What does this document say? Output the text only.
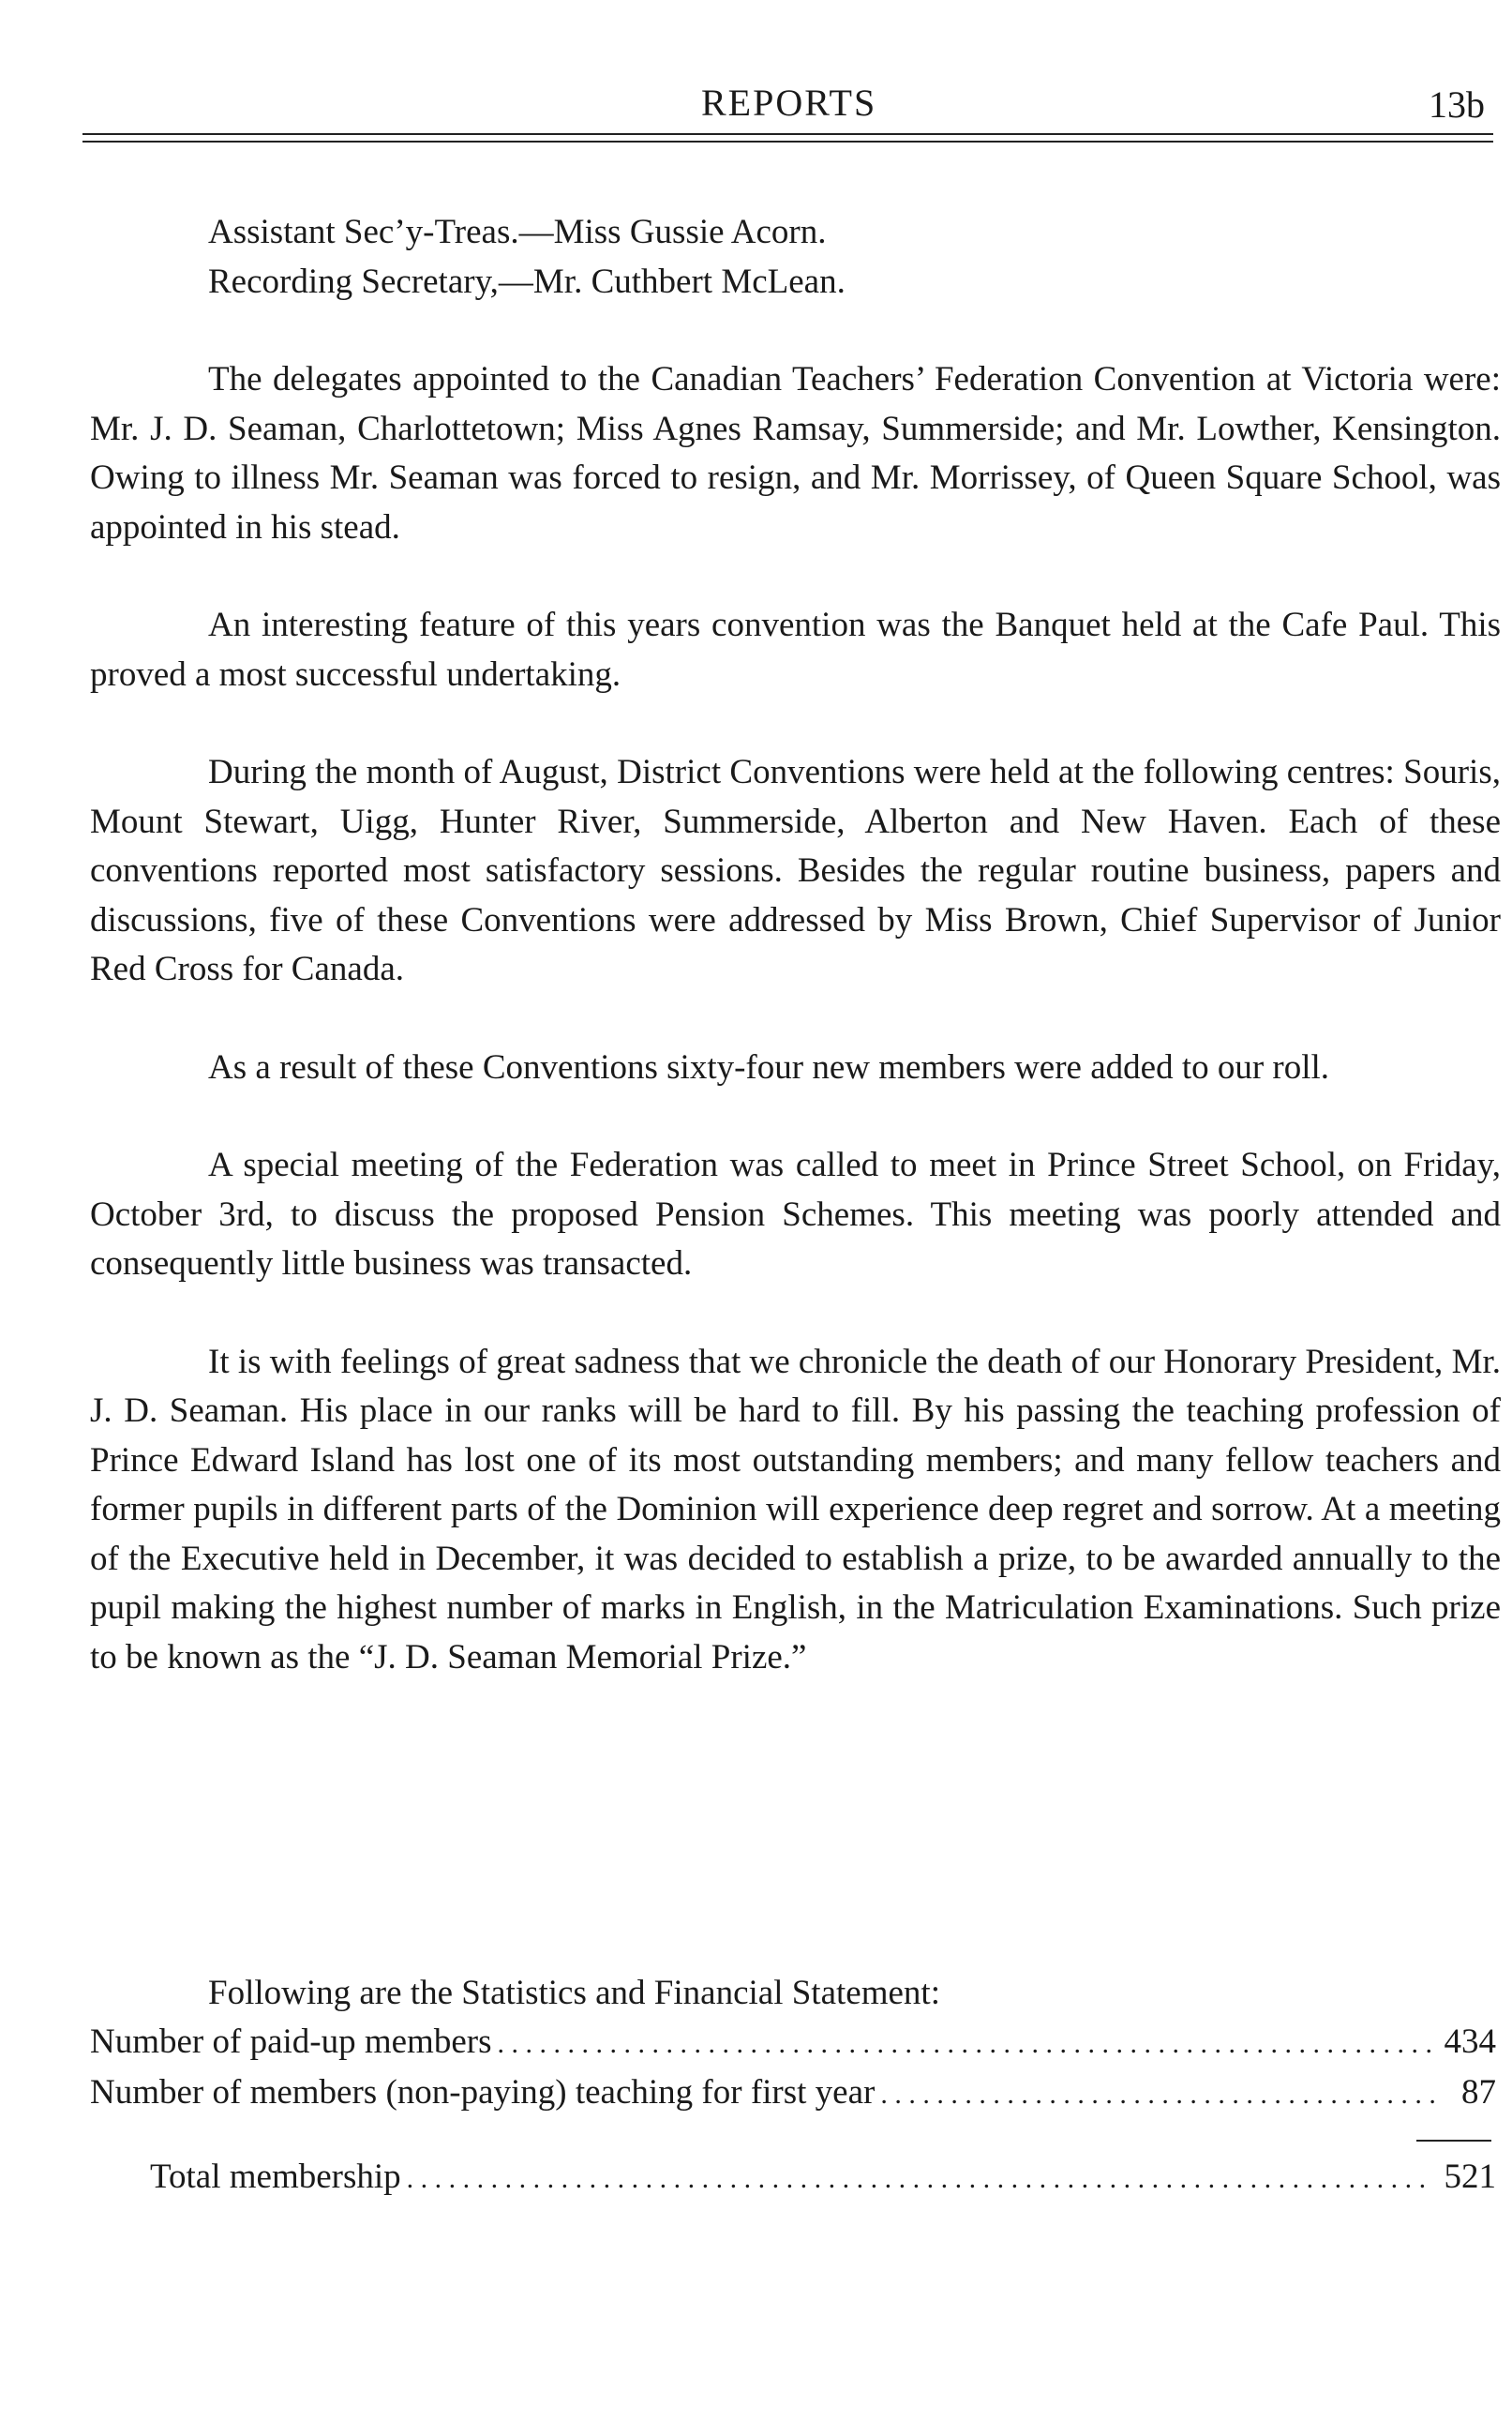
REPORTS	13b
Assistant Sec’y-Treas.—Miss Gussie Acorn.
Recording Secretary,—Mr. Cuthbert McLean.

The delegates appointed to the Canadian Teachers’ Federation Convention at Victoria were: Mr. J. D. Seaman, Charlottetown; Miss Agnes Ramsay, Summerside; and Mr. Lowther, Kensington. Owing to illness Mr. Seaman was forced to resign, and Mr. Morrissey, of Queen Square School, was appointed in his stead.

An interesting feature of this years convention was the Banquet held at the Cafe Paul. This proved a most successful undertaking.

During the month of August, District Conventions were held at the following centres: Souris, Mount Stewart, Uigg, Hunter River, Summerside, Alberton and New Haven. Each of these conventions reported most satisfactory sessions. Besides the regular routine business, papers and discussions, five of these Conventions were addressed by Miss Brown, Chief Supervisor of Junior Red Cross for Canada.

As a result of these Conventions sixty-four new members were added to our roll.

A special meeting of the Federation was called to meet in Prince Street School, on Friday, October 3rd, to discuss the proposed Pension Schemes. This meeting was poorly attended and consequently little business was transacted.

It is with feelings of great sadness that we chronicle the death of our Honorary President, Mr. J. D. Seaman. His place in our ranks will be hard to fill. By his passing the teaching profession of Prince Edward Island has lost one of its most outstanding members; and many fellow teachers and former pupils in different parts of the Dominion will experience deep regret and sorrow. At a meeting of the Executive held in December, it was decided to establish a prize, to be awarded annually to the pupil making the highest number of marks in English, in the Matriculation Examinations. Such prize to be known as the “J. D. Seaman Memorial Prize.”

Following are the Statistics and Financial Statement:
Number of paid-up members . . .	434
Number of members (non-paying) teaching for first year . . .	87
Total membership . . .	521
